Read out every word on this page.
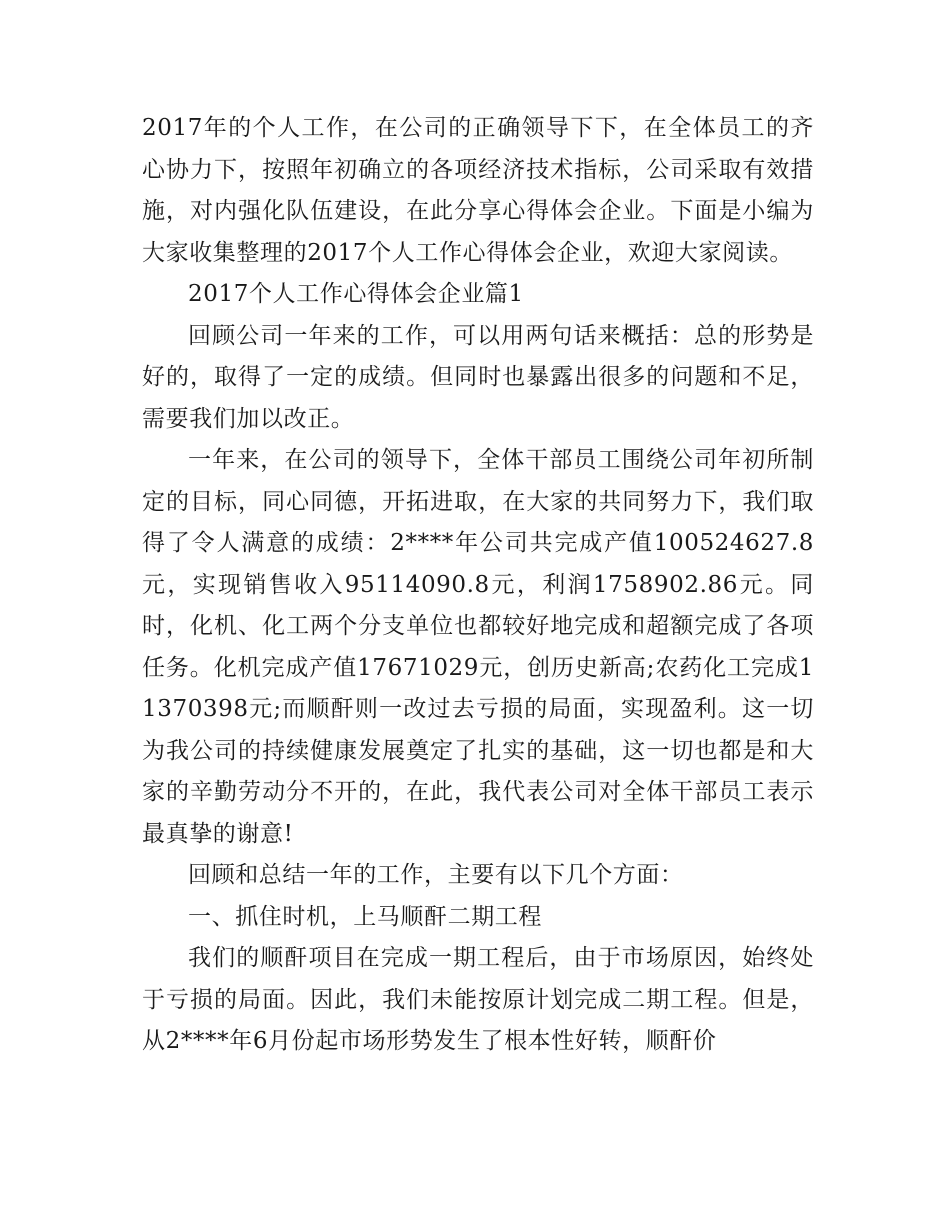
2017年的个人工作，在公司的正确领导下下，在全体员工的齐心协力下，按照年初确立的各项经济技术指标，公司采取有效措施，对内强化队伍建设，在此分享心得体会企业。下面是小编为大家收集整理的2017个人工作心得体会企业，欢迎大家阅读。

2017个人工作心得体会企业篇1

回顾公司一年来的工作，可以用两句话来概括：总的形势是好的，取得了一定的成绩。但同时也暴露出很多的问题和不足，需要我们加以改正。

一年来，在公司的领导下，全体干部员工围绕公司年初所制定的目标，同心同德，开拓进取，在大家的共同努力下，我们取得了令人满意的成绩：2****年公司共完成产值100524627.8元，实现销售收入95114090.8元，利润1758902.86元。同时，化机、化工两个分支单位也都较好地完成和超额完成了各项任务。化机完成产值17671029元，创历史新高;农药化工完成11370398元;而顺酐则一改过去亏损的局面，实现盈利。这一切为我公司的持续健康发展奠定了扎实的基础，这一切也都是和大家的辛勤劳动分不开的，在此，我代表公司对全体干部员工表示最真挚的谢意!

回顾和总结一年的工作，主要有以下几个方面：

一、抓住时机，上马顺酐二期工程

我们的顺酐项目在完成一期工程后，由于市场原因，始终处于亏损的局面。因此，我们未能按原计划完成二期工程。但是，从2****年6月份起市场形势发生了根本性好转，顺酐价
